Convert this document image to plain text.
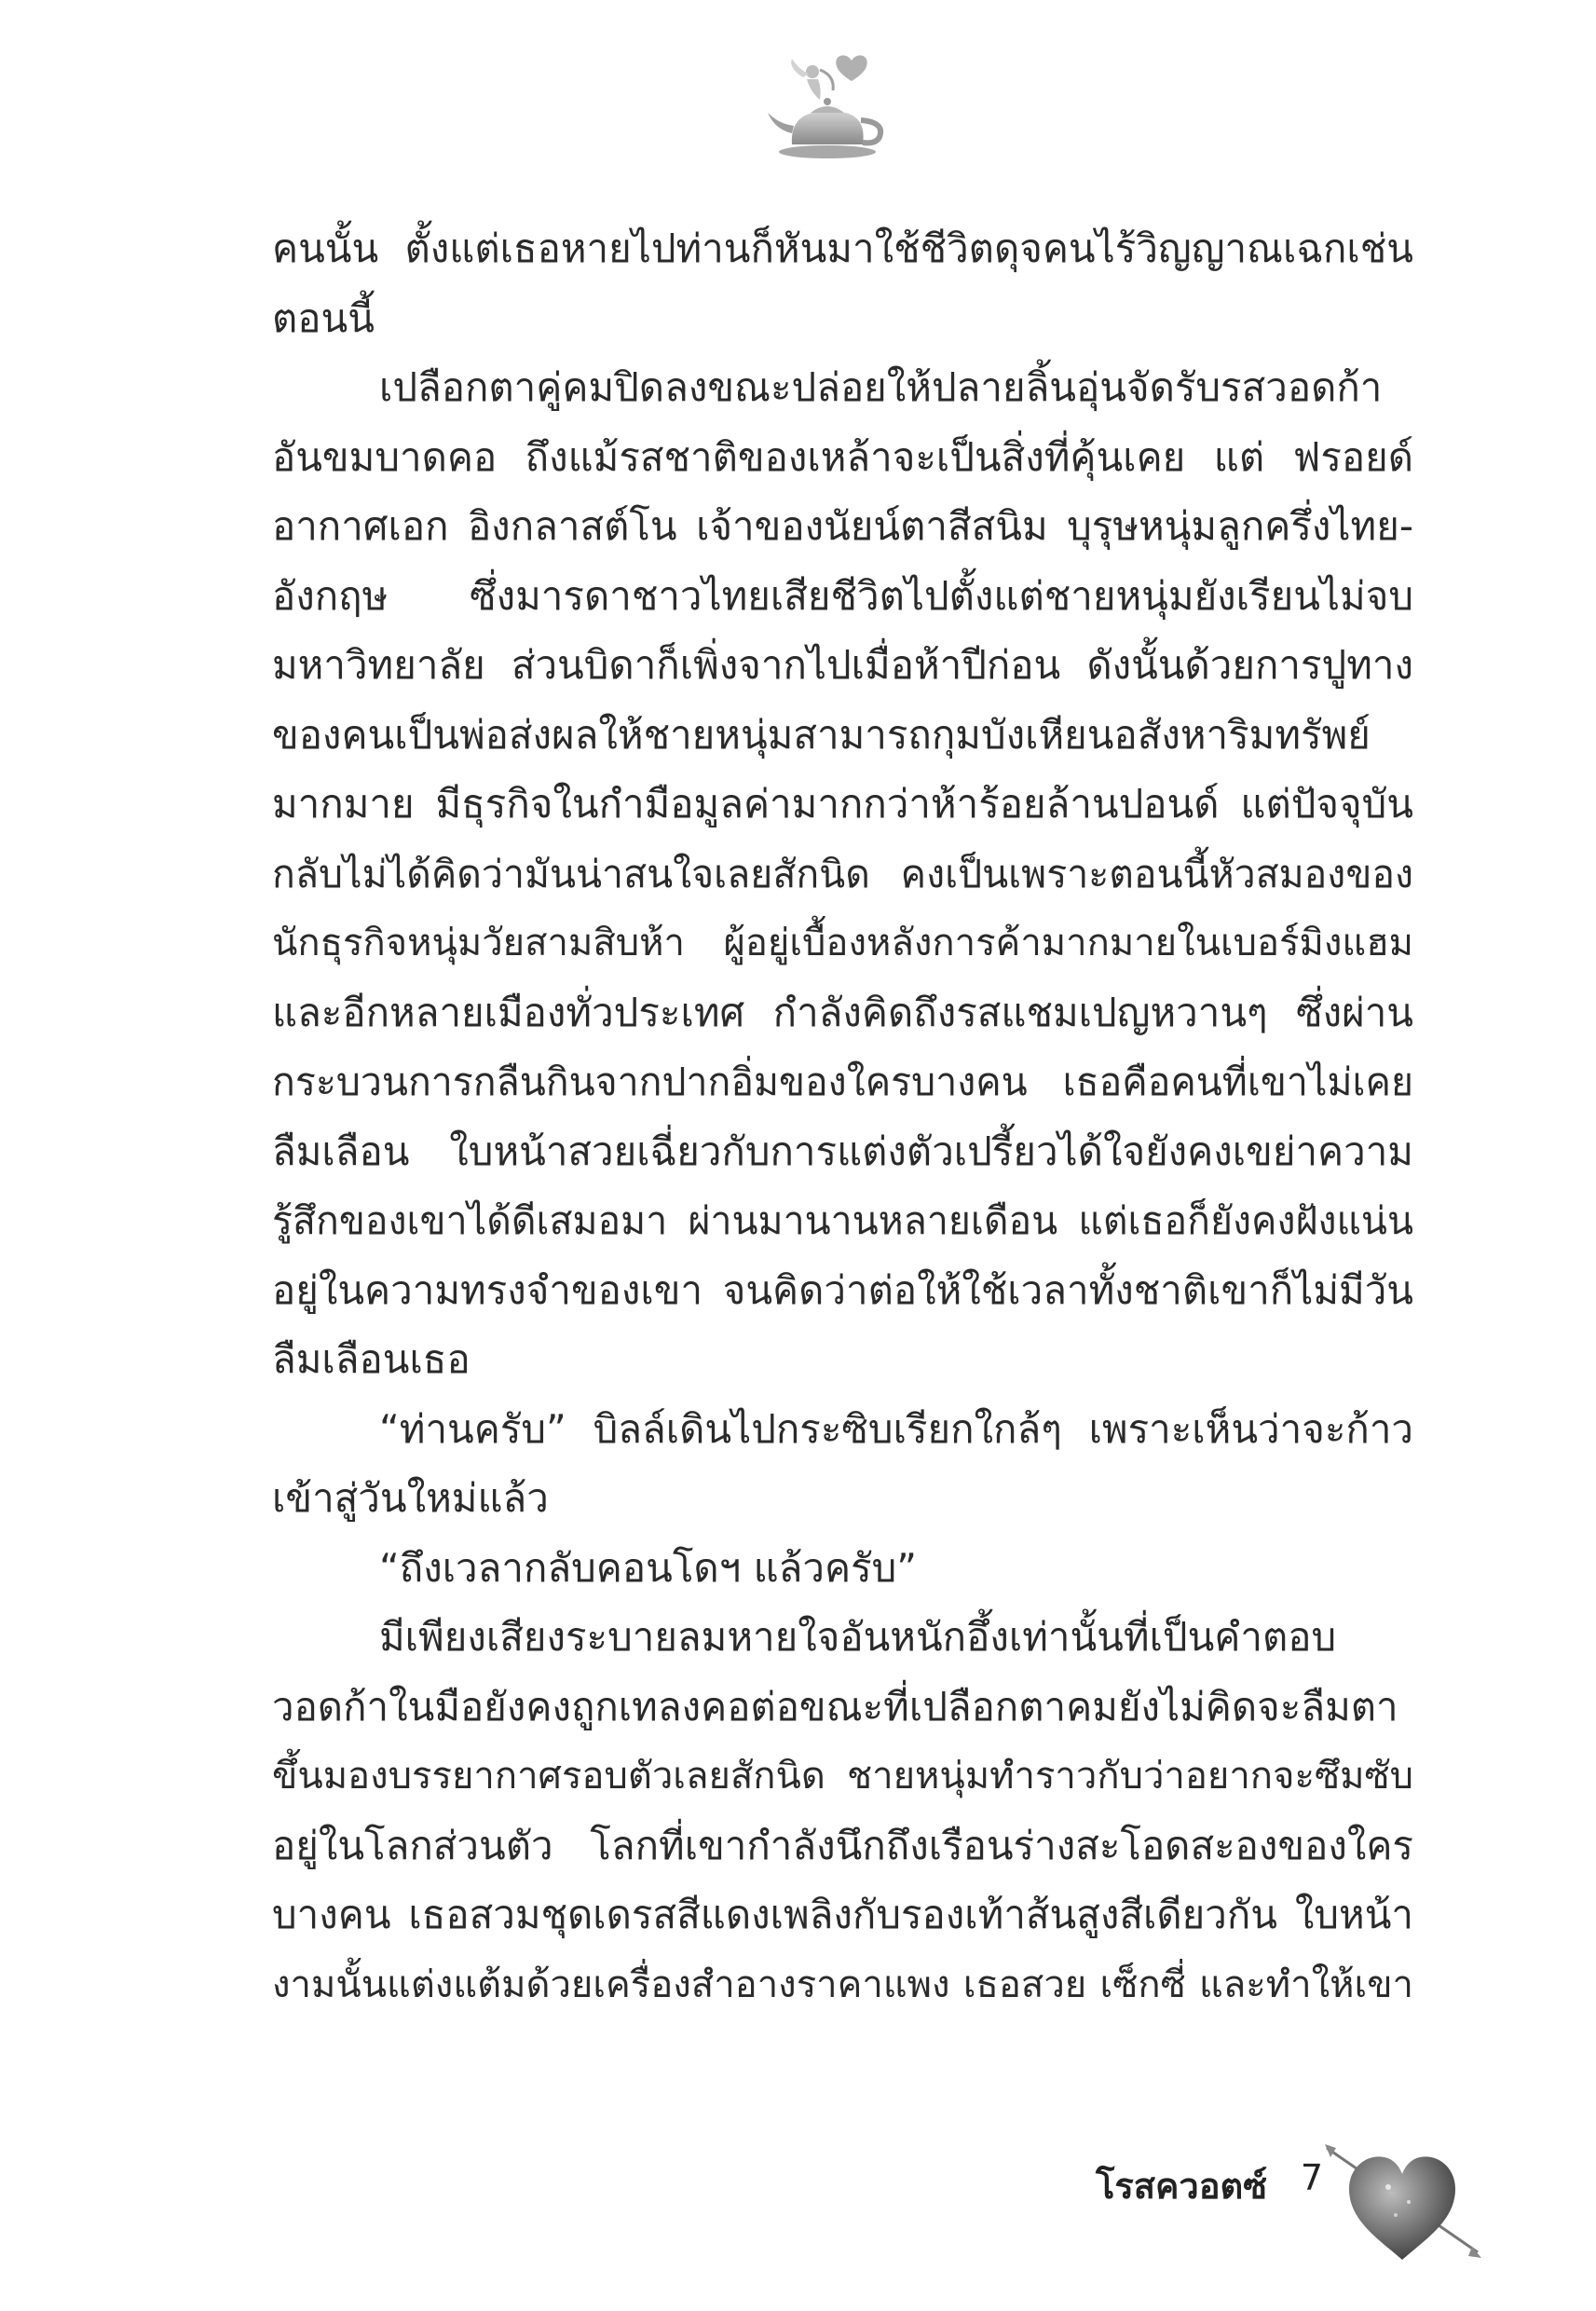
คนนั้น ตั้งแต่เธอหายไปท่านก็หันมาใช้ชีวิตดุจคนไร้วิญญาณเฉกเช่น
ตอนนี้
เปลือกตาคู่คมปิดลงขณะปล่อยให้ปลายลิ้นอุ่นจัดรับรสวอดก้า
อันขมบาดคอ ถึงแม้รสชาติของเหล้าจะเป็นสิ่งที่คุ้นเคย แต่ ฟรอยด์
อากาศเอก อิงกลาสต์โน เจ้าของนัยน์ตาสีสนิม บุรุษหนุ่มลูกครึ่งไทย-
อังกฤษ ซึ่งมารดาชาวไทยเสียชีวิตไปตั้งแต่ชายหนุ่มยังเรียนไม่จบ
มหาวิทยาลัย ส่วนบิดาก็เพิ่งจากไปเมื่อห้าปีก่อน ดังนั้นด้วยการปูทาง
ของคนเป็นพ่อส่งผลให้ชายหนุ่มสามารถกุมบังเหียนอสังหาริมทรัพย์
มากมาย มีธุรกิจในกำมือมูลค่ามากกว่าห้าร้อยล้านปอนด์ แต่ปัจจุบัน
กลับไม่ได้คิดว่ามันน่าสนใจเลยสักนิด คงเป็นเพราะตอนนี้หัวสมองของ
นักธุรกิจหนุ่มวัยสามสิบห้า ผู้อยู่เบื้องหลังการค้ามากมายในเบอร์มิงแฮม
และอีกหลายเมืองทั่วประเทศ กำลังคิดถึงรสแชมเปญหวานๆ ซึ่งผ่าน
กระบวนการกลืนกินจากปากอิ่มของใครบางคน เธอคือคนที่เขาไม่เคย
ลืมเลือน ใบหน้าสวยเฉี่ยวกับการแต่งตัวเปรี้ยวได้ใจยังคงเขย่าความ
รู้สึกของเขาได้ดีเสมอมา ผ่านมานานหลายเดือน แต่เธอก็ยังคงฝังแน่น
อยู่ในความทรงจำของเขา จนคิดว่าต่อให้ใช้เวลาทั้งชาติเขาก็ไม่มีวัน
ลืมเลือนเธอ
“ท่านครับ” บิลล์เดินไปกระซิบเรียกใกล้ๆ เพราะเห็นว่าจะก้าว
เข้าสู่วันใหม่แล้ว
“ถึงเวลากลับคอนโดฯ แล้วครับ”
มีเพียงเสียงระบายลมหายใจอันหนักอึ้งเท่านั้นที่เป็นคำตอบ
วอดก้าในมือยังคงถูกเทลงคอต่อขณะที่เปลือกตาคมยังไม่คิดจะลืมตา
ขึ้นมองบรรยากาศรอบตัวเลยสักนิด ชายหนุ่มทำราวกับว่าอยากจะซึมซับ
อยู่ในโลกส่วนตัว โลกที่เขากำลังนึกถึงเรือนร่างสะโอดสะองของใคร
บางคน เธอสวมชุดเดรสสีแดงเพลิงกับรองเท้าส้นสูงสีเดียวกัน ใบหน้า
งามนั้นแต่งแต้มด้วยเครื่องสำอางราคาแพง เธอสวย เซ็กซี่ และทำให้เขา
โรสควอตซ์ 7
